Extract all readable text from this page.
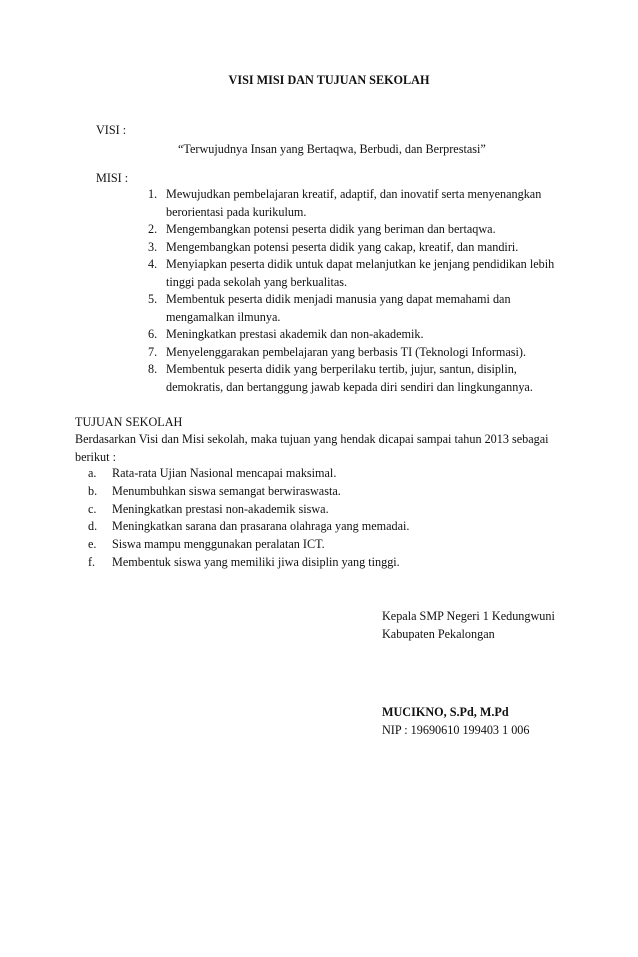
VISI MISI DAN TUJUAN SEKOLAH
VISI :
“Terwujudnya Insan yang Bertaqwa, Berbudi, dan Berprestasi”
MISI :
1. Mewujudkan pembelajaran kreatif, adaptif, dan inovatif serta menyenangkan
berorientasi pada kurikulum.
2. Mengembangkan potensi peserta didik yang beriman dan bertaqwa.
3. Mengembangkan potensi peserta didik yang cakap, kreatif, dan mandiri.
4. Menyiapkan peserta didik untuk dapat melanjutkan ke jenjang pendidikan lebih
tinggi pada sekolah yang berkualitas.
5. Membentuk peserta didik menjadi manusia yang dapat memahami dan
mengamalkan ilmunya.
6. Meningkatkan prestasi akademik dan non-akademik.
7. Menyelenggarakan pembelajaran yang berbasis TI (Teknologi Informasi).
8. Membentuk peserta didik yang berperilaku tertib, jujur, santun, disiplin,
demokratis, dan bertanggung jawab kepada diri sendiri dan lingkungannya.
TUJUAN SEKOLAH
Berdasarkan Visi dan Misi sekolah, maka tujuan yang hendak dicapai sampai tahun 2013 sebagai berikut :
a. Rata-rata Ujian Nasional mencapai maksimal.
b. Menumbuhkan siswa semangat berwiraswasta.
c. Meningkatkan prestasi non-akademik siswa.
d. Meningkatkan sarana dan prasarana olahraga yang memadai.
e. Siswa mampu menggunakan peralatan ICT.
f. Membentuk siswa yang memiliki jiwa disiplin yang tinggi.
Kepala SMP Negeri 1 Kedungwuni
Kabupaten Pekalongan
MUCIKNO, S.Pd, M.Pd
NIP : 19690610 199403 1 006
